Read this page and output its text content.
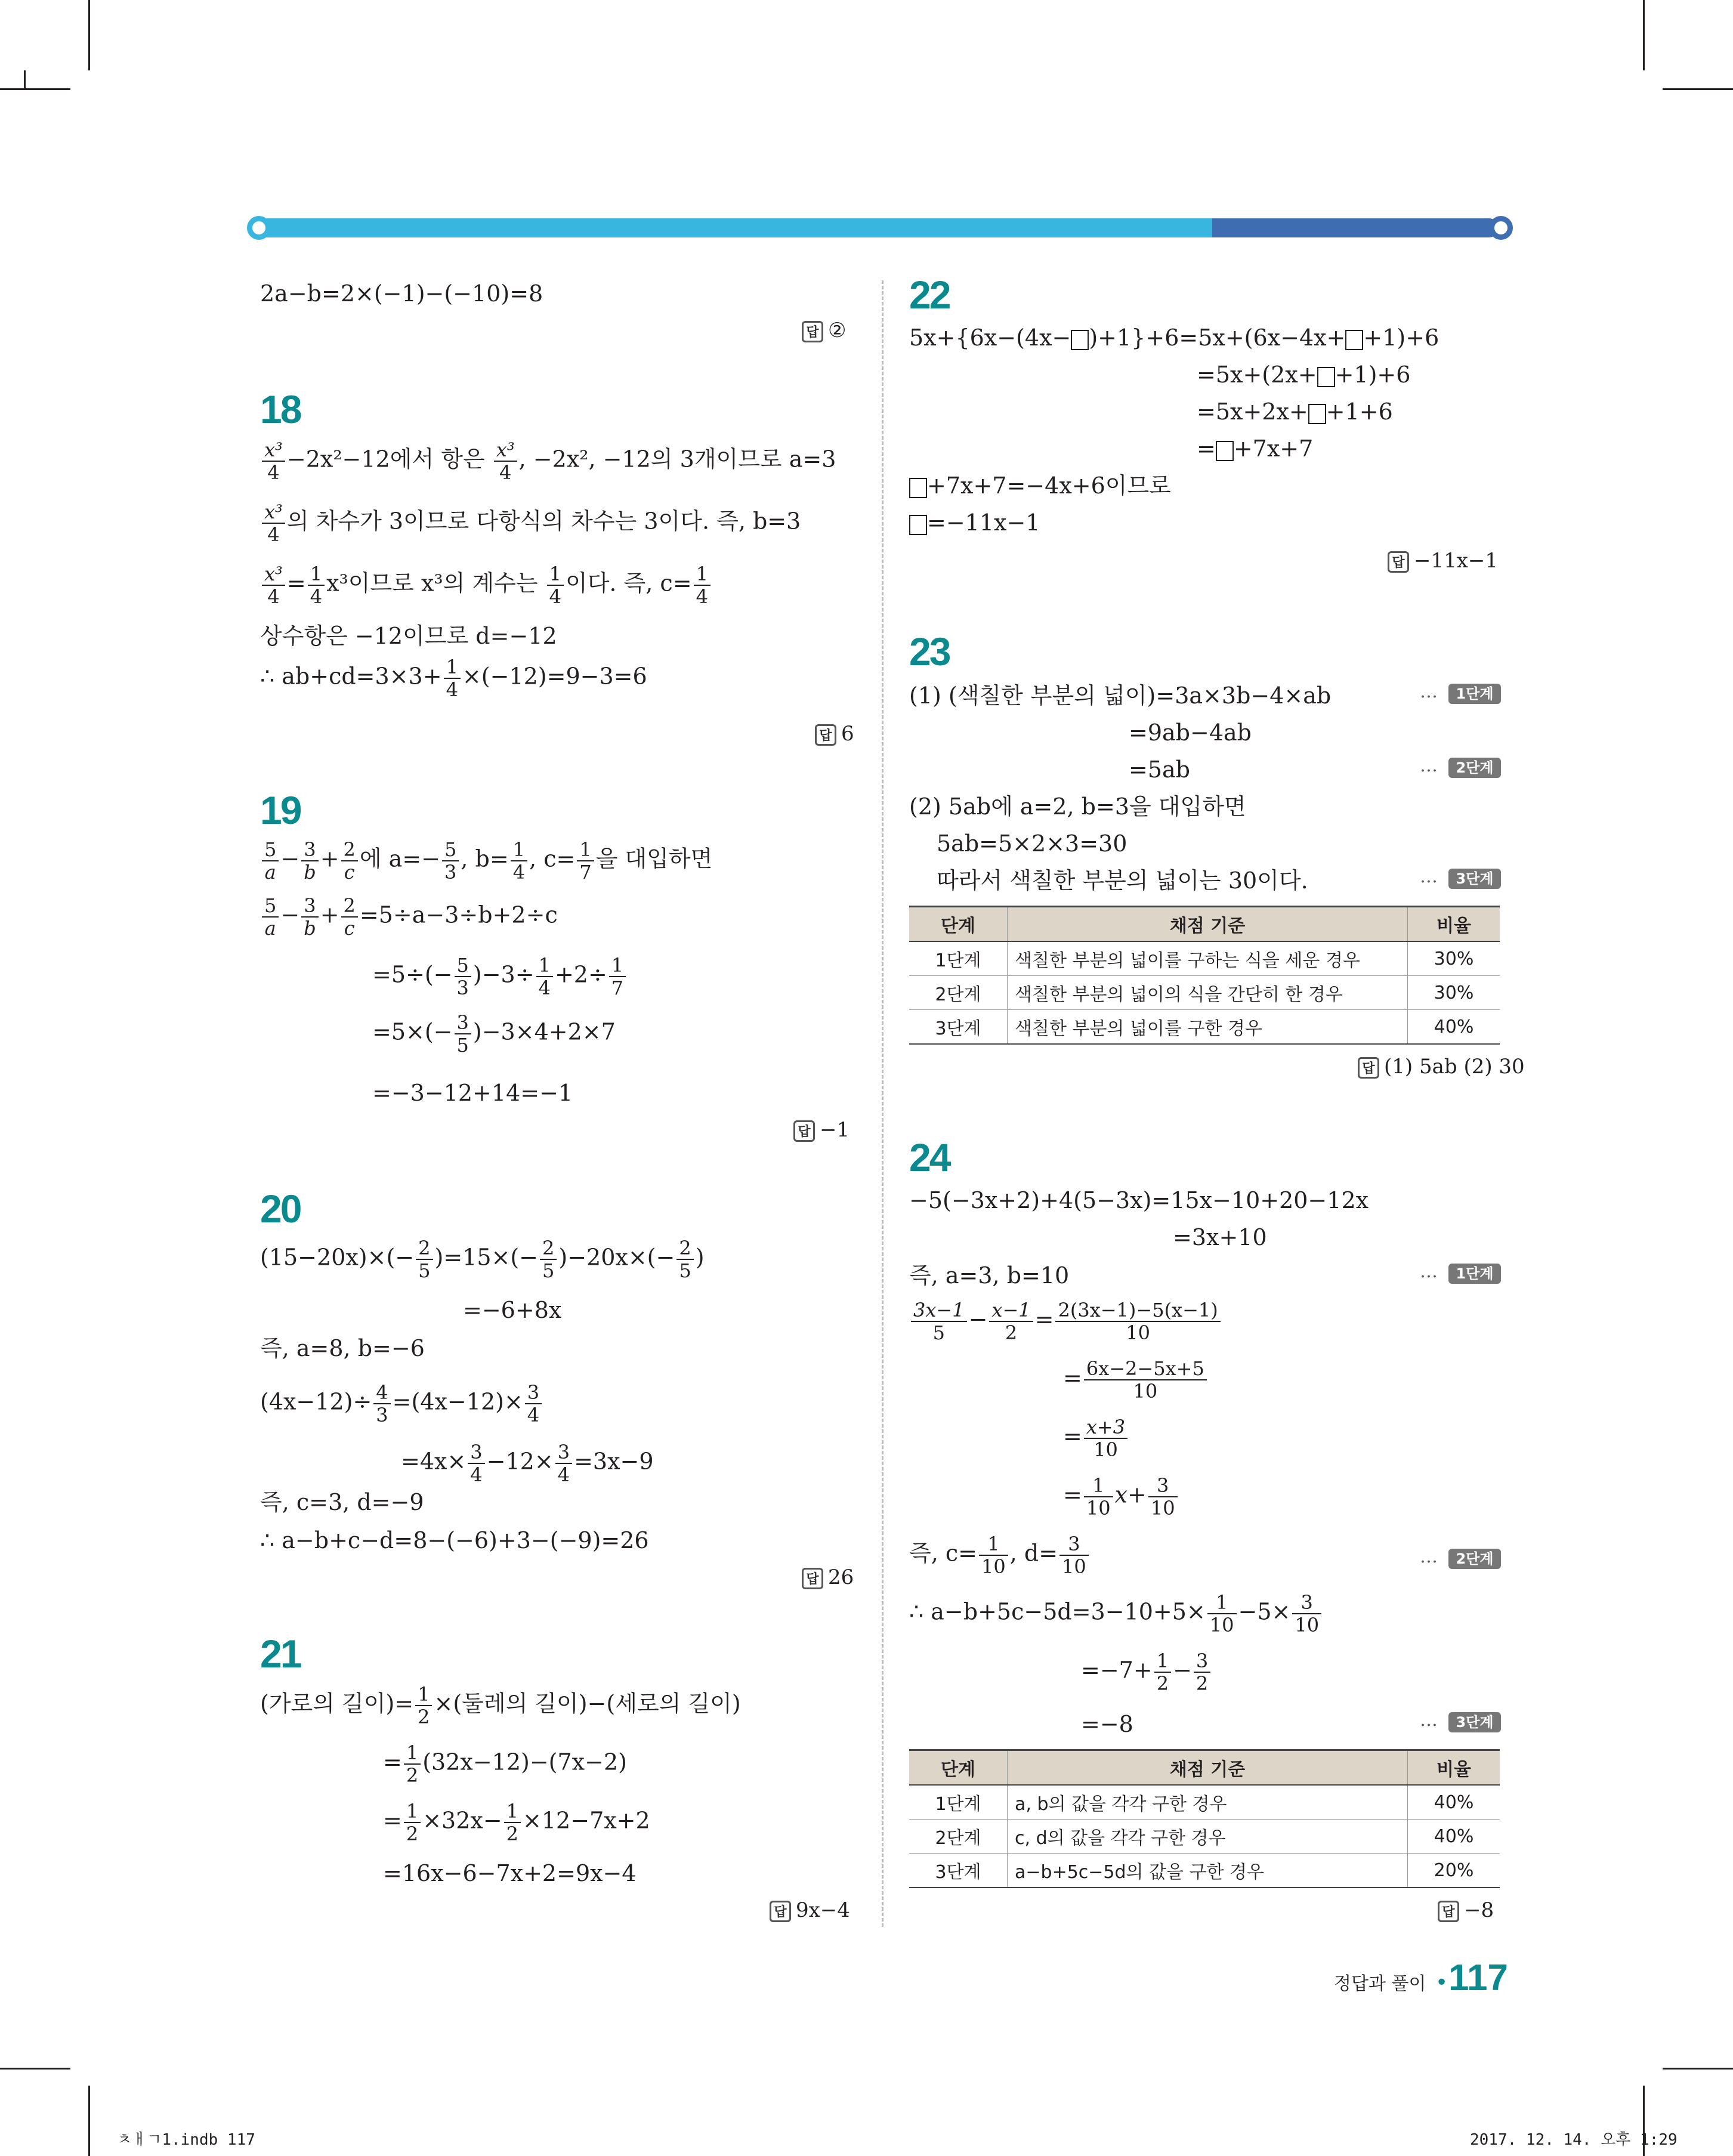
2a−b=2×(−1)−(−10)=8
답 ②
18
$\frac{\text{x³}}{4} -2x^2-12$에서 항은 $\frac{\text{x³}}{4}$ , −2x², −12의 3개이므로 a=3
$\frac{\text{x³}}{4}$ 의 차수가 3이므로 다항식의 차수는 3이다. 즉, b=3
$\frac{\text{x³}}{4} = \frac{1}{4} x^3$이므로 x³의 계수는 $\frac{1}{4}$ 이다. 즉, $c= \frac{1}{4}$
상수항은 −12이므로 d=−12
∴ $ab+cd=3\times 3+ \frac{1}{4} \times(-12)=9-3=6$
답 6
19
$\frac{5}{a} - \frac{3}{b} + \frac{2}{c}$ 에 $a=- \frac{5}{3}$ , $b= \frac{1}{4}$ , $c= \frac{1}{7}$ 을 대입하면
$\frac{5}{a} - \frac{3}{b} + \frac{2}{c} =5\div a-3\div b+2\div c$
$=5\div(- \frac{5}{3} )-3\div \frac{1}{4} +2\div \frac{1}{7}$
$=5\times(- \frac{3}{5} )-3\times 4+2\times 7$
=−3−12+14=−1
답 −1
20
$(15-20x)\times(- \frac{2}{5} )=15\times(- \frac{2}{5} )-20x\times(- \frac{2}{5}$ )
=−6+8x
즉, a=8, b=−6
$(4x-12)\div \frac{4}{3} =(4x-12)\times \frac{3}{4}$
$=4x\times \frac{3}{4} -12\times \frac{3}{4} =3x-9$
즉, c=3, d=−9
∴ a−b+c−d=8−(−6)+3−(−9)=26
답 26
21
(가로의 길이)= $\frac{1}{2}$ ×(둘레의 길이)−(세로의 길이)
= $\frac{1}{2} (32x-12)-(7x-2)$
= $\frac{1}{2} \times 32x- \frac{1}{2} \times 12-7x+2$
=16x−6−7x+2=9x−4
답 9x−4
22
5x+{6x−(4x− )+1}+6=5x+(6x−4x+ +1)+6
=5x+(2x+ +1)+6
=5x+2x+ +1+6
= +7x+7
+7x+7=−4x+6이므로
=−11x−1
답 −11x−1
23
(1) (색칠한 부분의 넓이)=3a×3b−4×ab	…	1단계
=9ab−4ab
=5ab	…	2단계
(2) 5ab에 a=2, b=3을 대입하면
5ab=5×2×3=30
따라서 색칠한 부분의 넓이는 30이다.	…	3단계
단계	채점 기준	비율
1단계	색칠한 부분의 넓이를 구하는 식을 세운 경우	30%
2단계	색칠한 부분의 넓이의 식을 간단히 한 경우	30%
3단계	색칠한 부분의 넓이를 구한 경우	40%
답 (1) 5ab (2) 30
24
−5(−3x+2)+4(5−3x)=15x−10+20−12x
=3x+10
즉, a=3, b=10	…	1단계
$\frac{3x-1}{5} - \frac{x-1}{2} = \frac{2(3x-1)-5(x-1)}{10}$
= $\frac{6x-2-5x+5}{10}$
= $\frac{x+3}{10}$
= $\frac{1}{10} x+ \frac{3}{10}$
즉, $c= \frac{1}{10}$ , $d= \frac{3}{10}$	…	2단계
∴ $a-b+5c-5d=3-10+5\times \frac{1}{10} -5\times \frac{3}{10}$
$=-7+ \frac{1}{2} - \frac{3}{2}$
=−8	…	3단계
단계	채점 기준	비율
1단계	a, b의 값을 각각 구한 경우	40%
2단계	c, d의 값을 각각 구한 경우	40%
3단계	a−b+5c−5d의 값을 구한 경우	20%
답 −8
정답과 풀이 • 117
ㅊㅐㄱ1.indb 117	2017. 12. 14. 오후 1:29
